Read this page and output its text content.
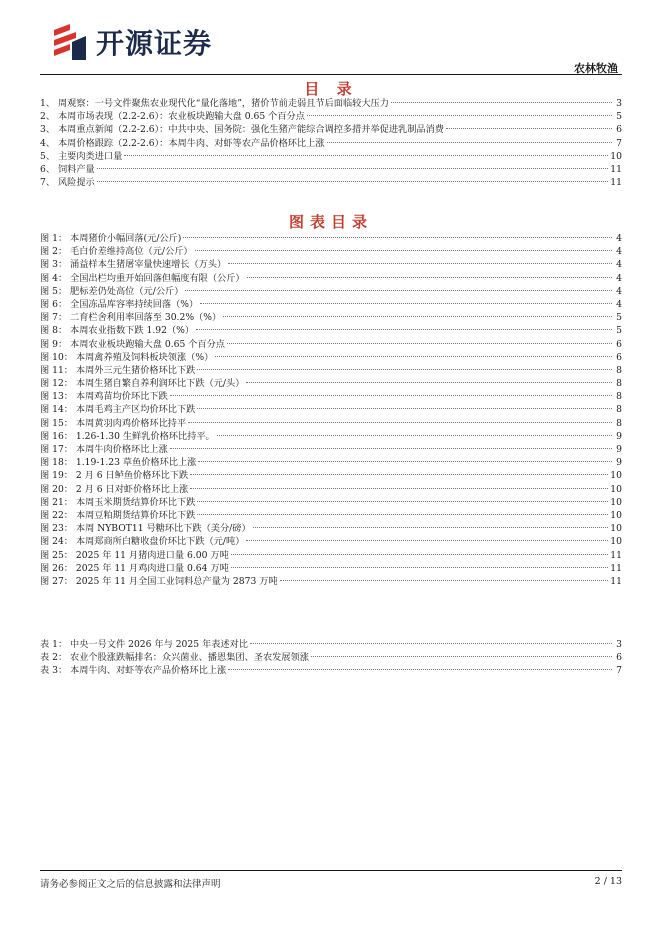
开源证券
农林牧渔
目 录
1、 周观察：一号文件聚焦农业现代化“量化落地”，猪价节前走弱且节后面临较大压力	3
2、 本周市场表现（2.2-2.6）：农业板块跑输大盘 0.65 个百分点	5
3、 本周重点新闻（2.2-2.6）：中共中央、国务院：强化生猪产能综合调控多措并举促进乳制品消费	6
4、 本周价格跟踪（2.2-2.6）：本周牛肉、对虾等农产品价格环比上涨	7
5、 主要肉类进口量	10
6、 饲料产量	11
7、 风险提示	11
图表目录
图 1： 本周猪价小幅回落(元/公斤)	4
图 2： 毛白价差维持高位（元/公斤）	4
图 3： 涌益样本生猪屠宰量快速增长（万头）	4
图 4： 全国出栏均重开始回落但幅度有限（公斤）	4
图 5： 肥标差仍处高位（元/公斤）	4
图 6： 全国冻品库容率持续回落（%）	4
图 7： 二育栏舍利用率回落至 30.2%（%）	5
图 8： 本周农业指数下跌 1.92（%）	5
图 9： 本周农业板块跑输大盘 0.65 个百分点	6
图 10： 本周禽养殖及饲料板块领涨（%）	6
图 11： 本周外三元生猪价格环比下跌	8
图 12： 本周生猪自繁自养利润环比下跌（元/头）	8
图 13： 本周鸡苗均价环比下跌	8
图 14： 本周毛鸡主产区均价环比下跌	8
图 15： 本周黄羽肉鸡价格环比持平	8
图 16： 1.26-1.30 生鲜乳价格环比持平。	9
图 17： 本周牛肉价格环比上涨	9
图 18： 1.19-1.23 草鱼价格环比上涨	9
图 19： 2 月 6 日鲈鱼价格环比下跌	10
图 20： 2 月 6 日对虾价格环比上涨	10
图 21： 本周玉米期货结算价环比下跌	10
图 22： 本周豆粕期货结算价环比下跌	10
图 23： 本周 NYBOT11 号糖环比下跌（美分/磅）	10
图 24： 本周郑商所白糖收盘价环比下跌（元/吨）	10
图 25： 2025 年 11 月猪肉进口量 6.00 万吨	11
图 26： 2025 年 11 月鸡肉进口量 0.64 万吨	11
图 27： 2025 年 11 月全国工业饲料总产量为 2873 万吨	11
表 1： 中央一号文件 2026 年与 2025 年表述对比	3
表 2： 农业个股涨跌幅排名：众兴菌业、播恩集团、圣农发展领涨	6
表 3： 本周牛肉、对虾等农产品价格环比上涨	7
请务必参阅正文之后的信息披露和法律声明	2 / 13
